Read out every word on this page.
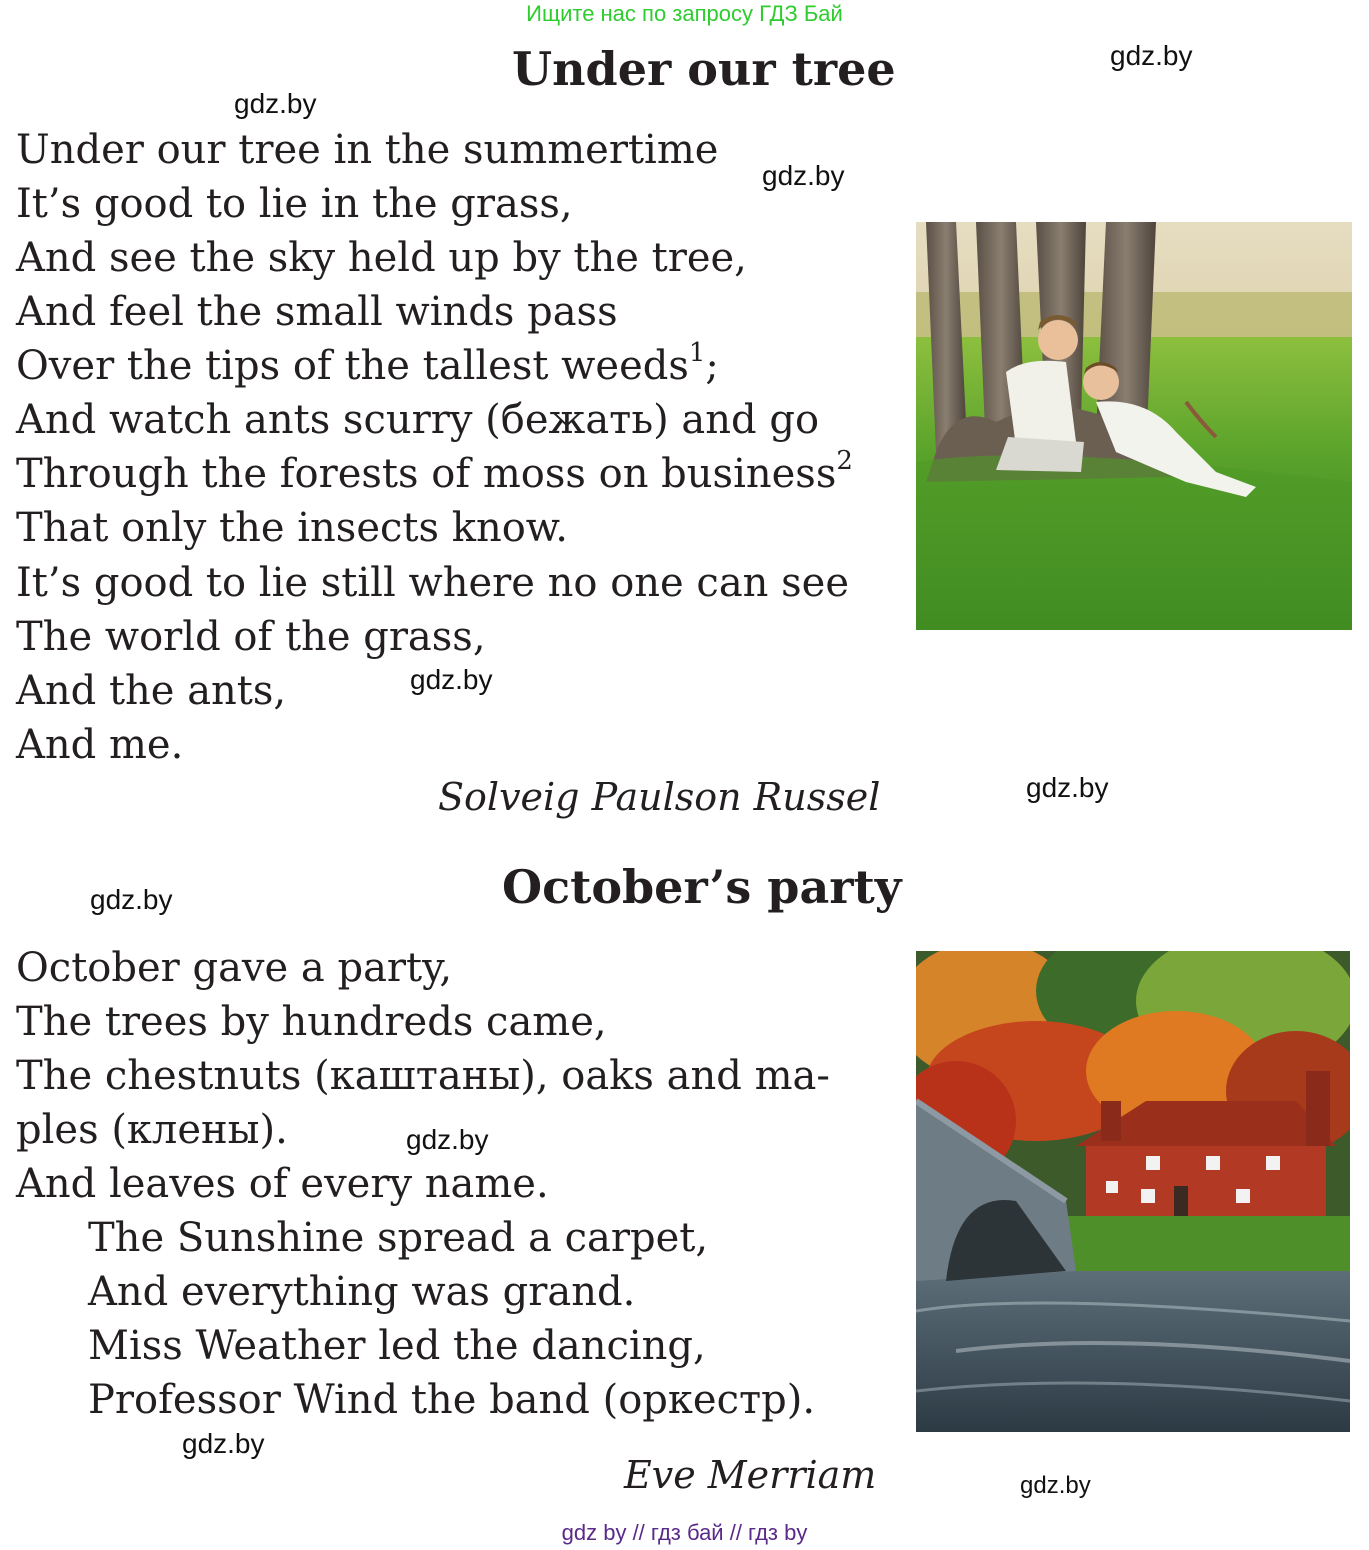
Ищите нас по запросу ГДЗ Бай
Under our tree
Under our tree in the summertime
It’s good to lie in the grass,
And see the sky held up by the tree,
And feel the small winds pass
Over the tips of the tallest weeds$^1$;
And watch ants scurry (бежать) and go
Through the forests of moss on business$^2$
That only the insects know.
It’s good to lie still where no one can see
The world of the grass,
And the ants,
And me.
Solveig Paulson Russel
October’s party
October gave a party,
The trees by hundreds came,
The chestnuts (каштаны), oaks and ma-
ples (клены).
And leaves of every name.
The Sunshine spread a carpet,
And everything was grand.
Miss Weather led the dancing,
Professor Wind the band (оркестр).
Eve Merriam
gdz.by
gdz.by
gdz.by
gdz.by
gdz.by
gdz.by
gdz.by
gdz.by
gdz.by
gdz by // гдз бай // гдз by
